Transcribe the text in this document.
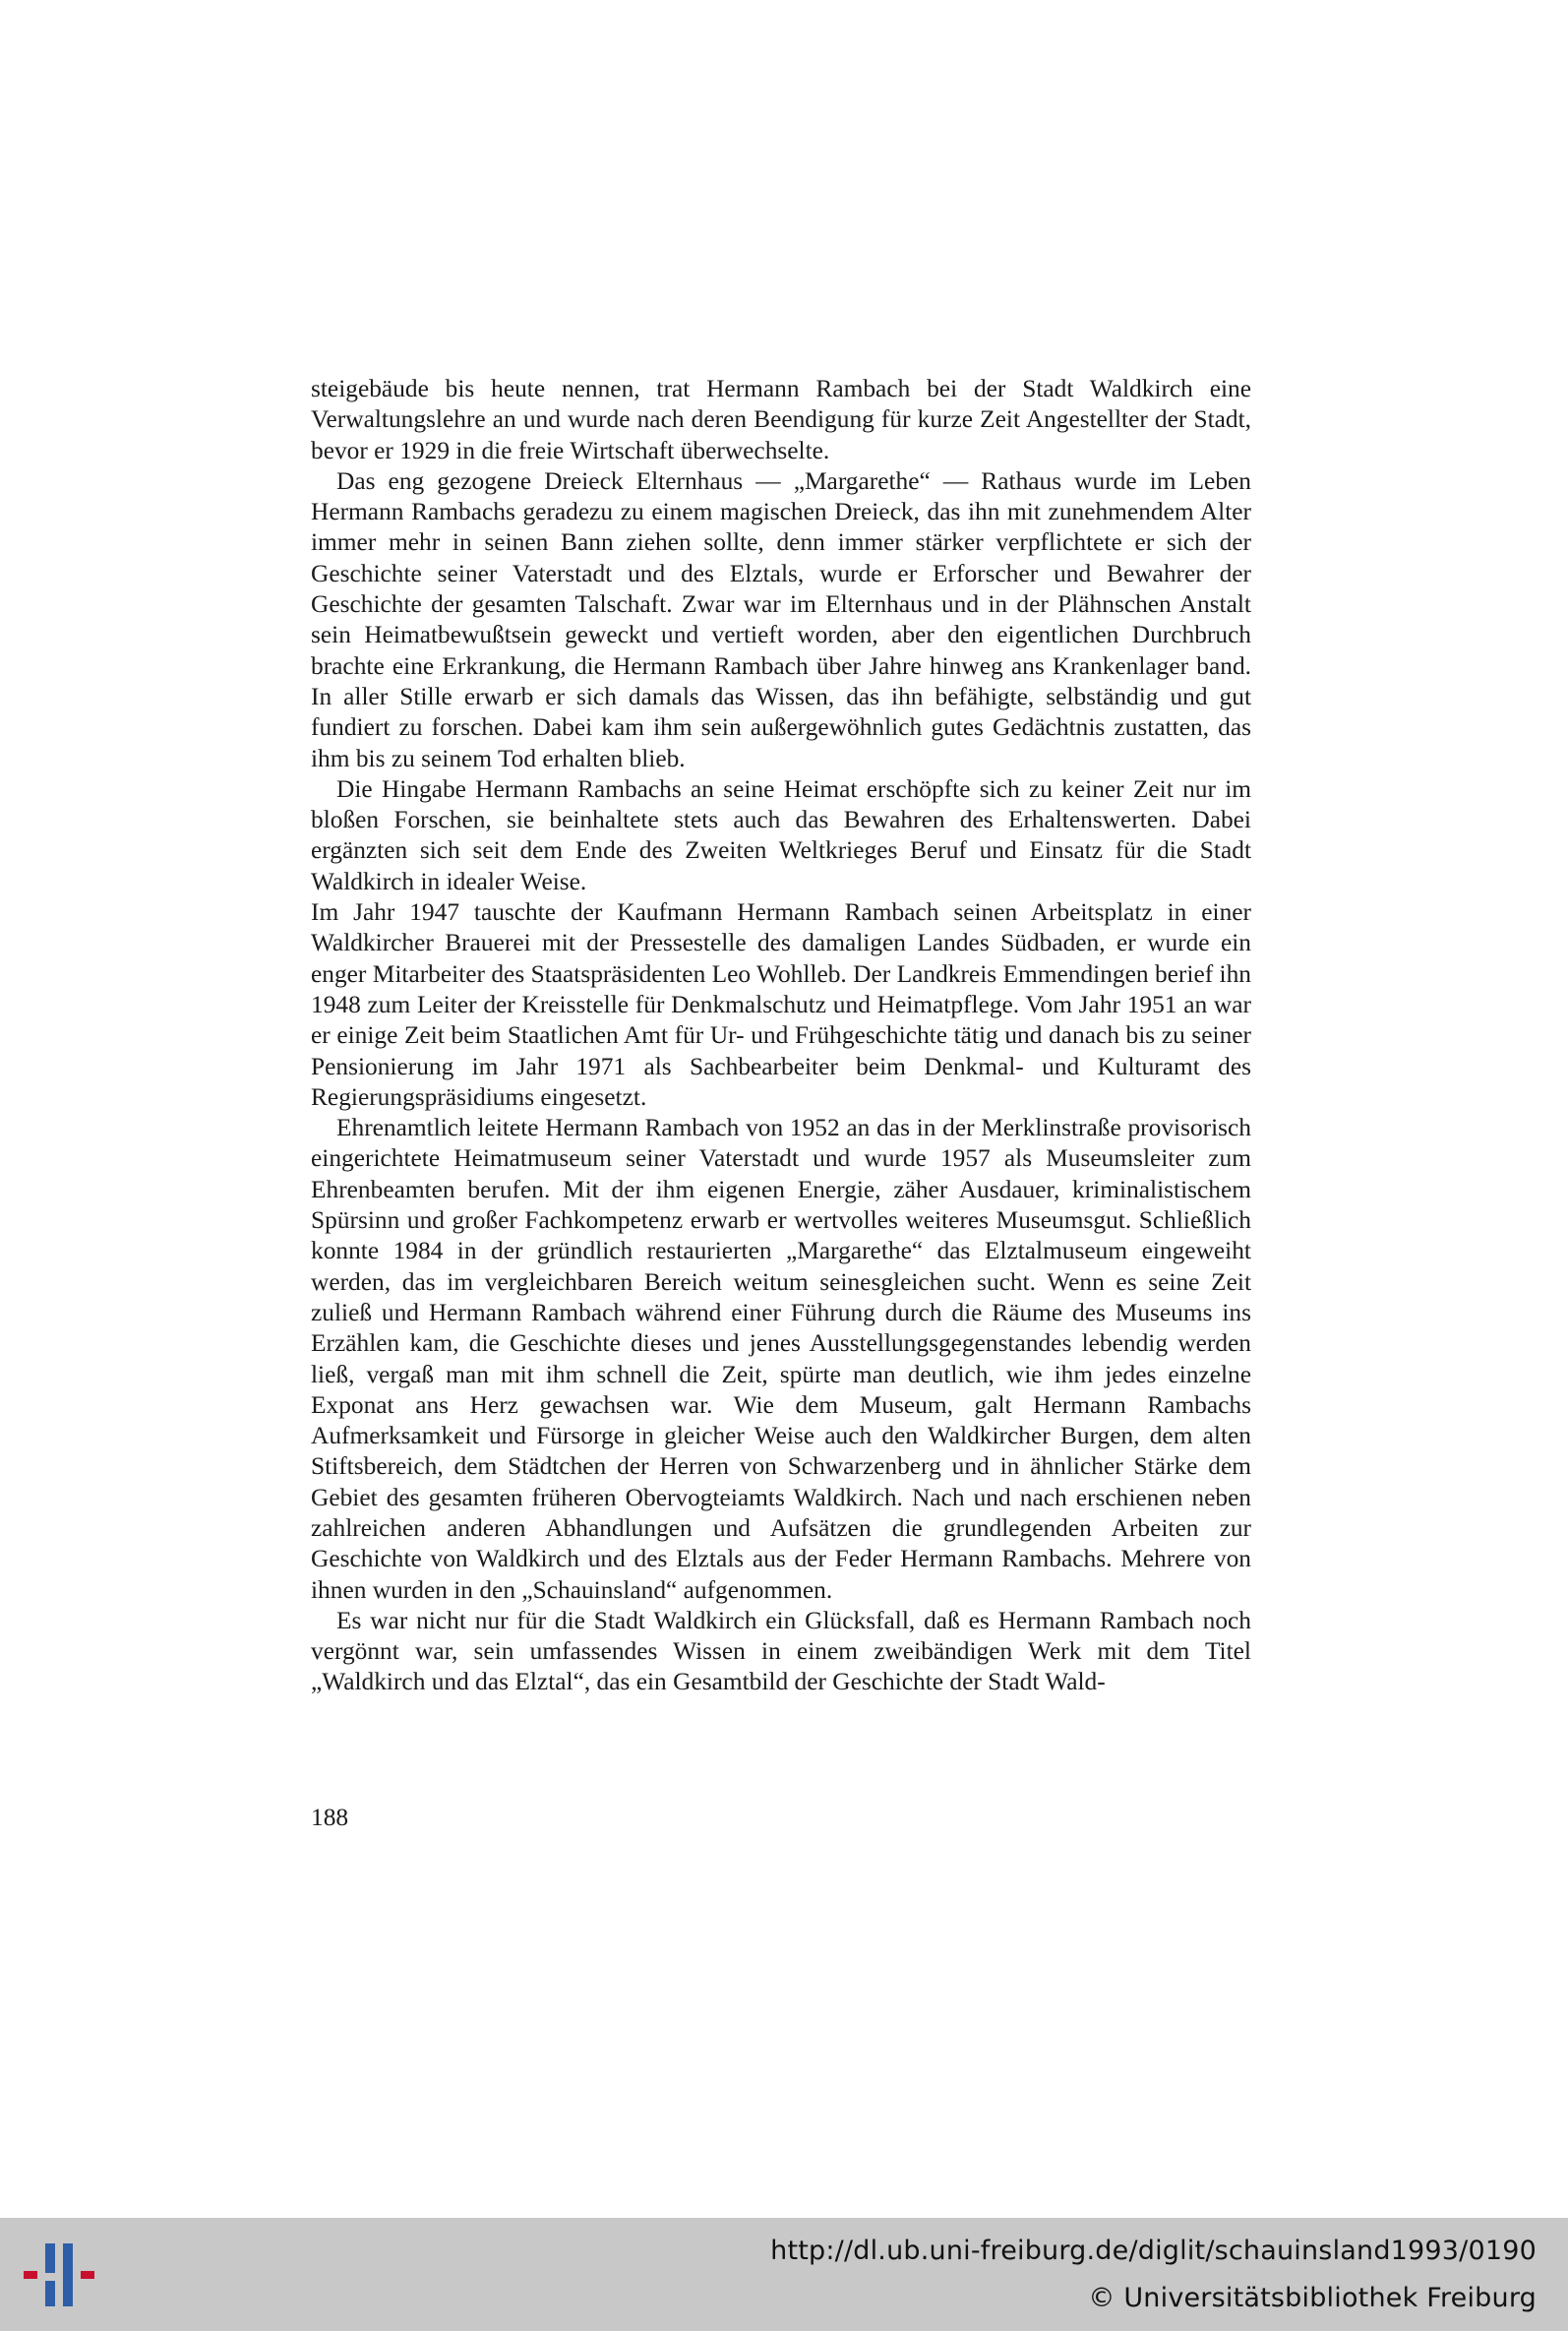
steigebäude bis heute nennen, trat Hermann Rambach bei der Stadt Waldkirch eine Verwaltungslehre an und wurde nach deren Beendigung für kurze Zeit Angestellter der Stadt, bevor er 1929 in die freie Wirtschaft überwechselte.

Das eng gezogene Dreieck Elternhaus — „Margarethe“ — Rathaus wurde im Leben Hermann Rambachs geradezu zu einem magischen Dreieck, das ihn mit zunehmendem Alter immer mehr in seinen Bann ziehen sollte, denn immer stärker verpflichtete er sich der Geschichte seiner Vaterstadt und des Elztals, wurde er Erforscher und Bewahrer der Geschichte der gesamten Talschaft. Zwar war im Elternhaus und in der Plähnschen Anstalt sein Heimatbewußtsein geweckt und vertieft worden, aber den eigentlichen Durchbruch brachte eine Erkrankung, die Hermann Rambach über Jahre hinweg ans Krankenlager band. In aller Stille erwarb er sich damals das Wissen, das ihn befähigte, selbständig und gut fundiert zu forschen. Dabei kam ihm sein außergewöhnlich gutes Gedächtnis zustatten, das ihm bis zu seinem Tod erhalten blieb.

Die Hingabe Hermann Rambachs an seine Heimat erschöpfte sich zu keiner Zeit nur im bloßen Forschen, sie beinhaltete stets auch das Bewahren des Erhaltenswerten. Dabei ergänzten sich seit dem Ende des Zweiten Weltkrieges Beruf und Einsatz für die Stadt Waldkirch in idealer Weise.

Im Jahr 1947 tauschte der Kaufmann Hermann Rambach seinen Arbeitsplatz in einer Waldkircher Brauerei mit der Pressestelle des damaligen Landes Südbaden, er wurde ein enger Mitarbeiter des Staatspräsidenten Leo Wohlleb. Der Landkreis Emmendingen berief ihn 1948 zum Leiter der Kreisstelle für Denkmalschutz und Heimatpflege. Vom Jahr 1951 an war er einige Zeit beim Staatlichen Amt für Ur- und Frühgeschichte tätig und danach bis zu seiner Pensionierung im Jahr 1971 als Sachbearbeiter beim Denkmal- und Kulturamt des Regierungspräsidiums eingesetzt.

Ehrenamtlich leitete Hermann Rambach von 1952 an das in der Merklinstraße provisorisch eingerichtete Heimatmuseum seiner Vaterstadt und wurde 1957 als Museumsleiter zum Ehrenbeamten berufen. Mit der ihm eigenen Energie, zäher Ausdauer, kriminalistischem Spürsinn und großer Fachkompetenz erwarb er wertvolles weiteres Museumsgut. Schließlich konnte 1984 in der gründlich restaurierten „Margarethe“ das Elztalmuseum eingeweiht werden, das im vergleichbaren Bereich weitum seinesgleichen sucht. Wenn es seine Zeit zuließ und Hermann Rambach während einer Führung durch die Räume des Museums ins Erzählen kam, die Geschichte dieses und jenes Ausstellungsgegenstandes lebendig werden ließ, vergaß man mit ihm schnell die Zeit, spürte man deutlich, wie ihm jedes einzelne Exponat ans Herz gewachsen war. Wie dem Museum, galt Hermann Rambachs Aufmerksamkeit und Fürsorge in gleicher Weise auch den Waldkircher Burgen, dem alten Stiftsbereich, dem Städtchen der Herren von Schwarzenberg und in ähnlicher Stärke dem Gebiet des gesamten früheren Obervogteiamts Waldkirch. Nach und nach erschienen neben zahlreichen anderen Abhandlungen und Aufsätzen die grundlegenden Arbeiten zur Geschichte von Waldkirch und des Elztals aus der Feder Hermann Rambachs. Mehrere von ihnen wurden in den „Schauinsland“ aufgenommen.

Es war nicht nur für die Stadt Waldkirch ein Glücksfall, daß es Hermann Rambach noch vergönnt war, sein umfassendes Wissen in einem zweibändigen Werk mit dem Titel „Waldkirch und das Elztal“, das ein Gesamtbild der Geschichte der Stadt Wald-

188
http://dl.ub.uni-freiburg.de/diglit/schauinsland1993/0190
© Universitätsbibliothek Freiburg
